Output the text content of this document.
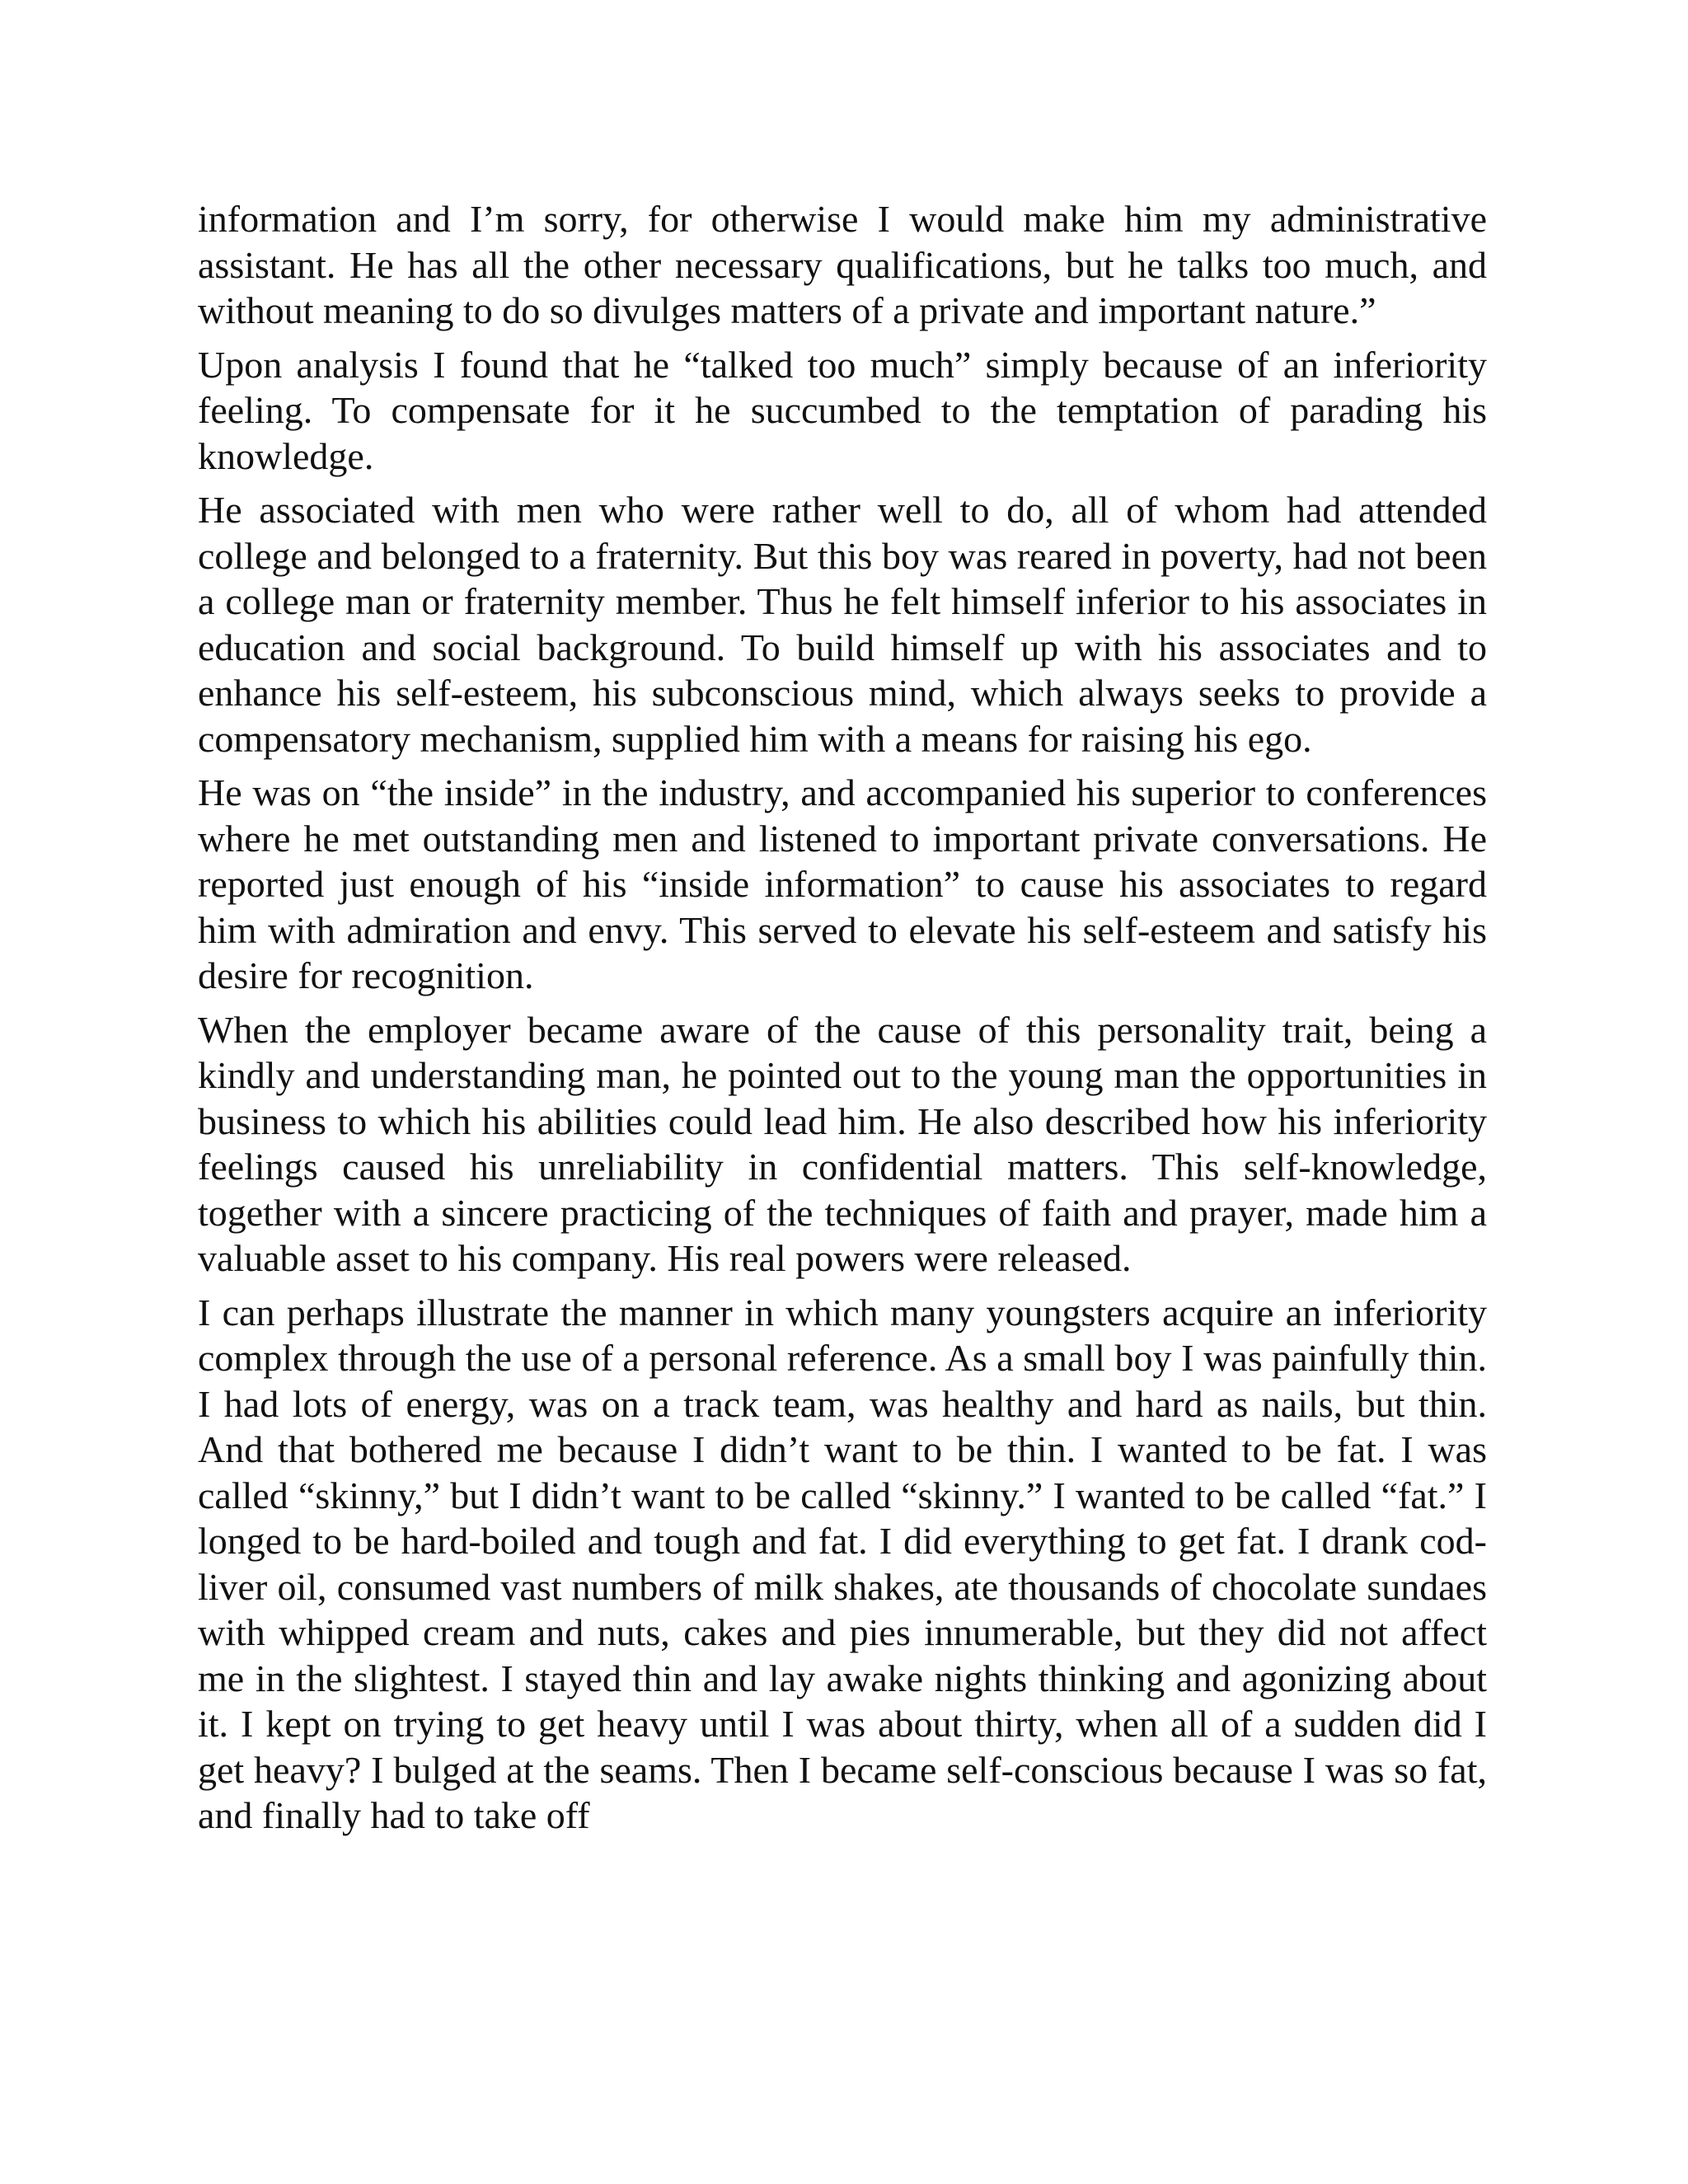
information and I’m sorry, for otherwise I would make him my administrative assistant. He has all the other necessary qualifications, but he talks too much, and without meaning to do so divulges matters of a private and important nature.”

Upon analysis I found that he “talked too much” simply because of an inferiority feeling. To compensate for it he succumbed to the temptation of parading his knowledge.

He associated with men who were rather well to do, all of whom had attended college and belonged to a fraternity. But this boy was reared in poverty, had not been a college man or fraternity member. Thus he felt himself inferior to his associates in education and social background. To build himself up with his associates and to enhance his self-esteem, his subconscious mind, which always seeks to provide a compensatory mechanism, supplied him with a means for raising his ego.

He was on “the inside” in the industry, and accompanied his superior to conferences where he met outstanding men and listened to important private conversations. He reported just enough of his “inside information” to cause his associates to regard him with admiration and envy. This served to elevate his self-esteem and satisfy his desire for recognition.

When the employer became aware of the cause of this personality trait, being a kindly and understanding man, he pointed out to the young man the opportunities in business to which his abilities could lead him. He also described how his inferiority feelings caused his unreliability in confidential matters. This self-knowledge, together with a sincere practicing of the techniques of faith and prayer, made him a valuable asset to his company. His real powers were released.

I can perhaps illustrate the manner in which many youngsters acquire an inferiority complex through the use of a personal reference. As a small boy I was painfully thin. I had lots of energy, was on a track team, was healthy and hard as nails, but thin. And that bothered me because I didn’t want to be thin. I wanted to be fat. I was called “skinny,” but I didn’t want to be called “skinny.” I wanted to be called “fat.” I longed to be hard-boiled and tough and fat. I did everything to get fat. I drank cod-liver oil, consumed vast numbers of milk shakes, ate thousands of chocolate sundaes with whipped cream and nuts, cakes and pies innumerable, but they did not affect me in the slightest. I stayed thin and lay awake nights thinking and agonizing about it. I kept on trying to get heavy until I was about thirty, when all of a sudden did I get heavy? I bulged at the seams. Then I became self-conscious because I was so fat, and finally had to take off
